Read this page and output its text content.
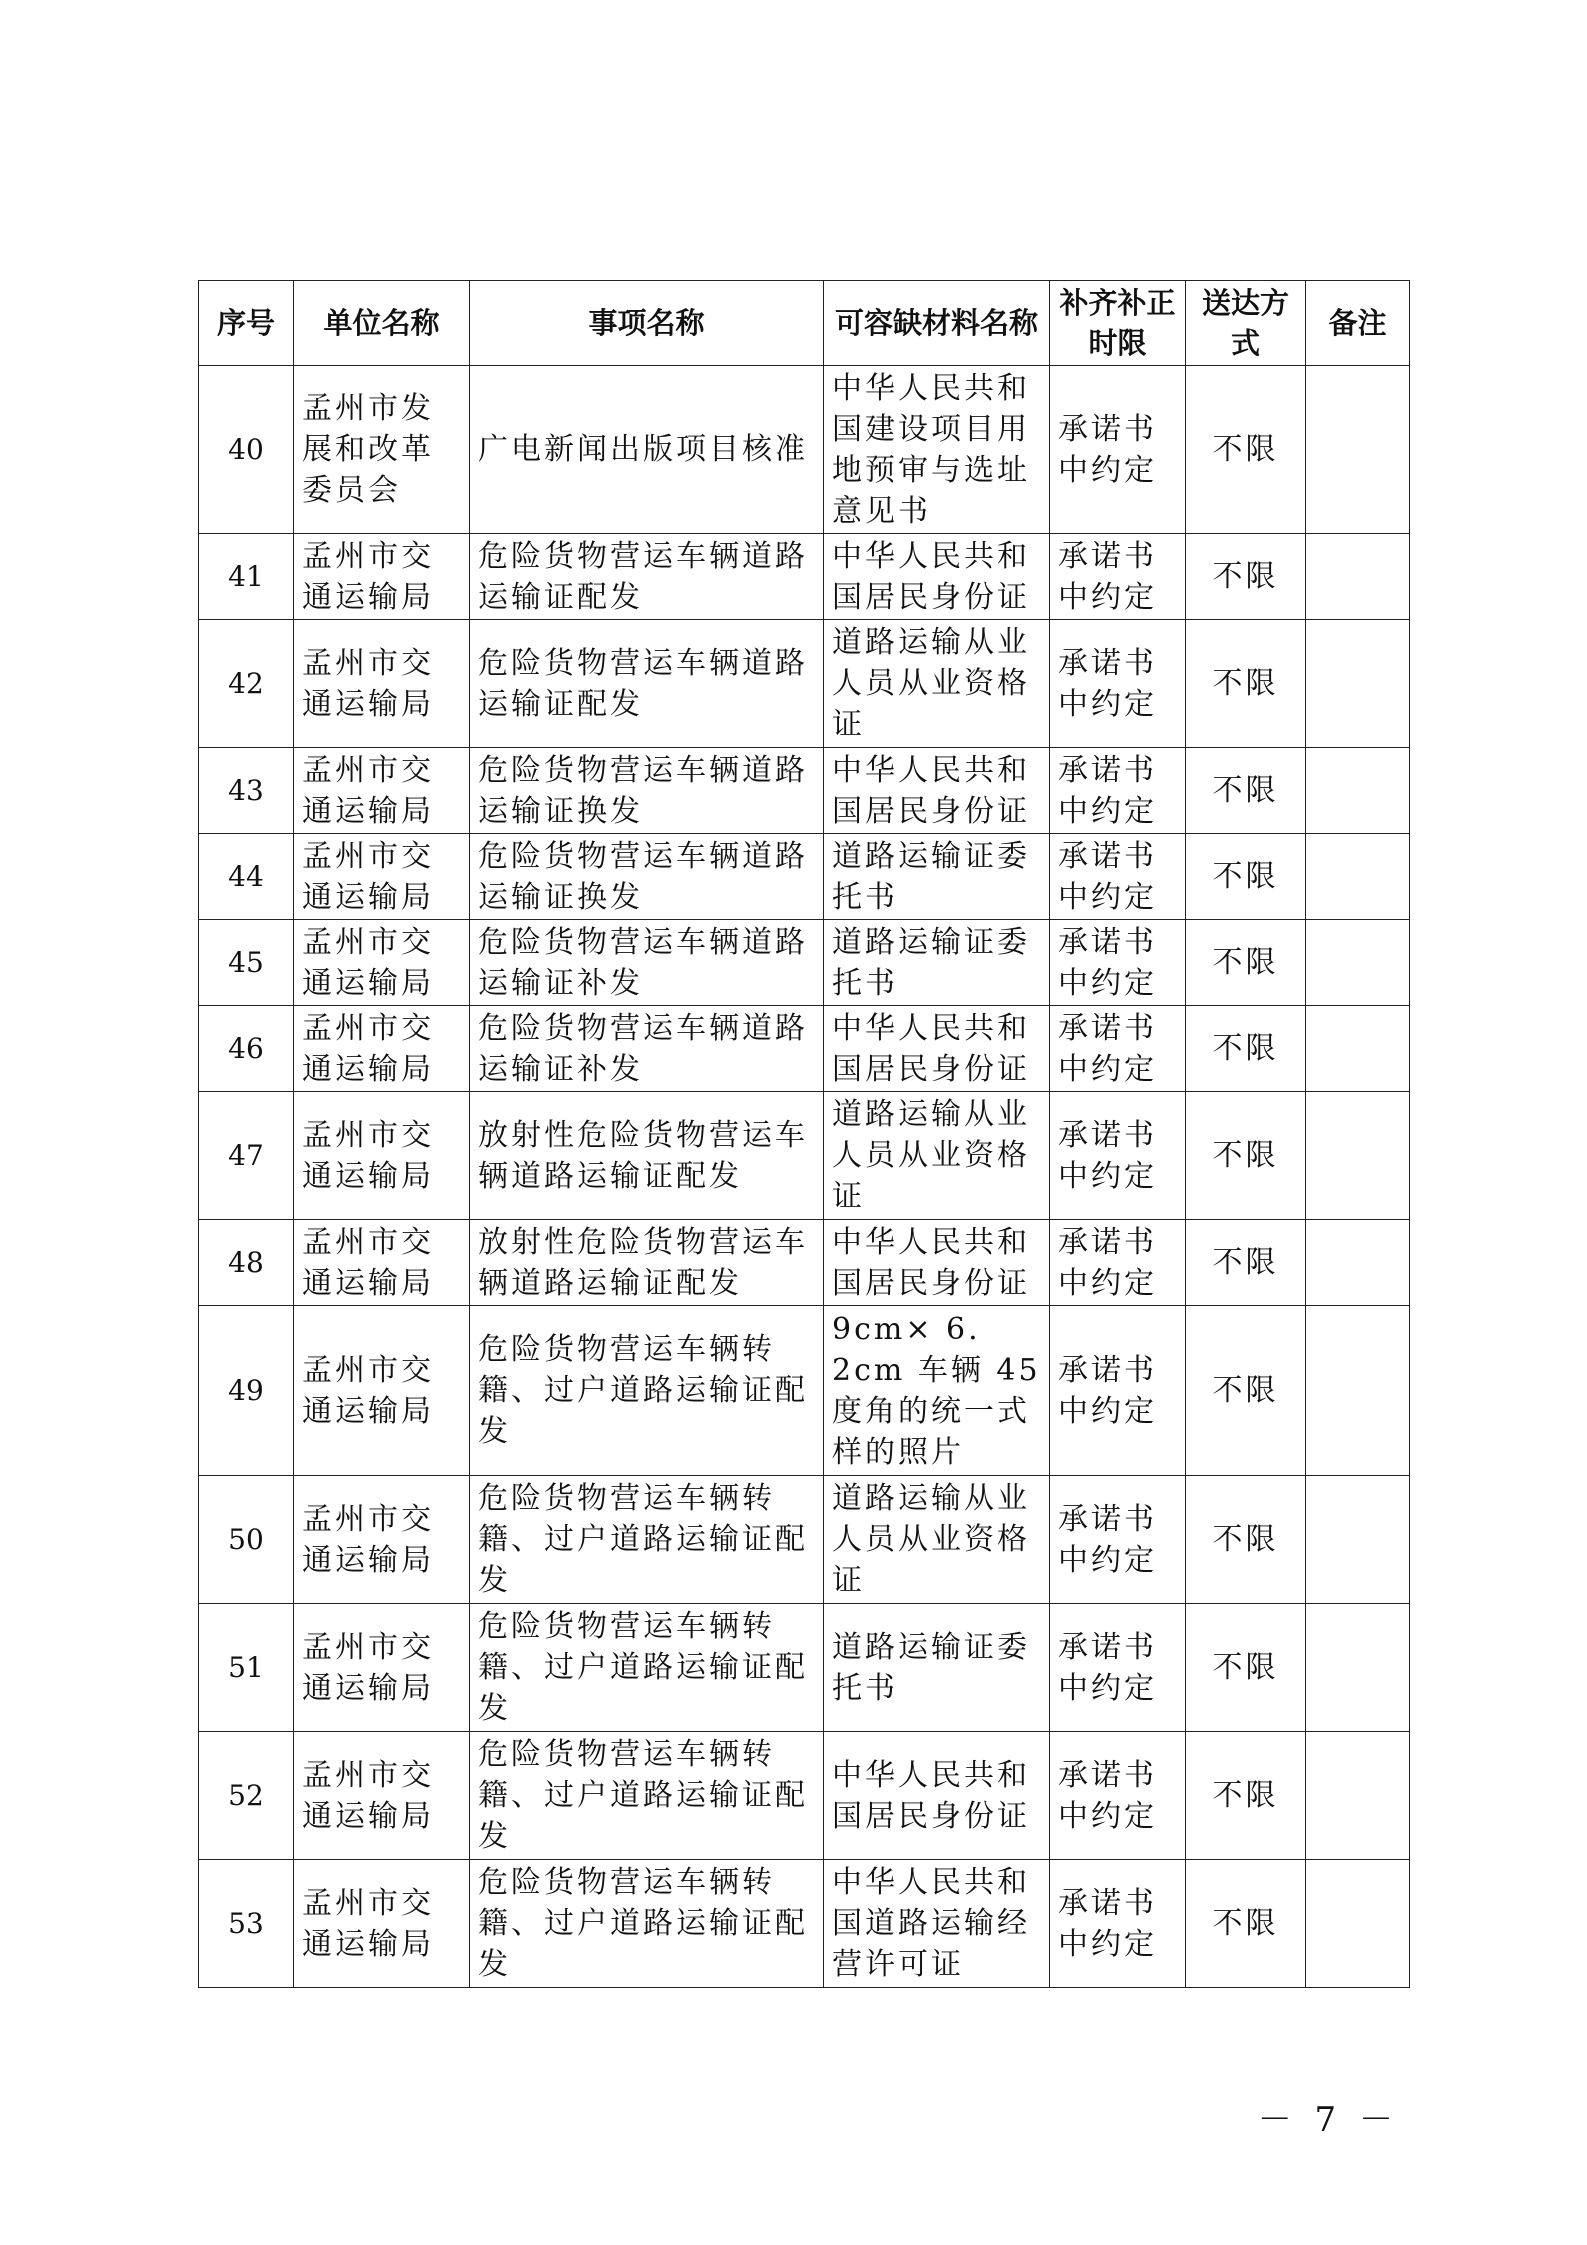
序号	单位名称	事项名称	可容缺材料名称	补齐补正时限	送达方式	备注
40	孟州市发展和改革委员会	广电新闻出版项目核准	中华人民共和国建设项目用地预审与选址意见书	承诺书中约定	不限	
41	孟州市交通运输局	危险货物营运车辆道路运输证配发	中华人民共和国居民身份证	承诺书中约定	不限	
42	孟州市交通运输局	危险货物营运车辆道路运输证配发	道路运输从业人员从业资格证	承诺书中约定	不限	
43	孟州市交通运输局	危险货物营运车辆道路运输证换发	中华人民共和国居民身份证	承诺书中约定	不限	
44	孟州市交通运输局	危险货物营运车辆道路运输证换发	道路运输证委托书	承诺书中约定	不限	
45	孟州市交通运输局	危险货物营运车辆道路运输证补发	道路运输证委托书	承诺书中约定	不限	
46	孟州市交通运输局	危险货物营运车辆道路运输证补发	中华人民共和国居民身份证	承诺书中约定	不限	
47	孟州市交通运输局	放射性危险货物营运车辆道路运输证配发	道路运输从业人员从业资格证	承诺书中约定	不限	
48	孟州市交通运输局	放射性危险货物营运车辆道路运输证配发	中华人民共和国居民身份证	承诺书中约定	不限	
49	孟州市交通运输局	危险货物营运车辆转籍、过户道路运输证配发	9cm× 6. 2cm 车辆 45 度角的统一式样的照片	承诺书中约定	不限	
50	孟州市交通运输局	危险货物营运车辆转籍、过户道路运输证配发	道路运输从业人员从业资格证	承诺书中约定	不限	
51	孟州市交通运输局	危险货物营运车辆转籍、过户道路运输证配发	道路运输证委托书	承诺书中约定	不限	
52	孟州市交通运输局	危险货物营运车辆转籍、过户道路运输证配发	中华人民共和国居民身份证	承诺书中约定	不限	
53	孟州市交通运输局	危险货物营运车辆转籍、过户道路运输证配发	中华人民共和国道路运输经营许可证	承诺书中约定	不限	
－ 7 －
